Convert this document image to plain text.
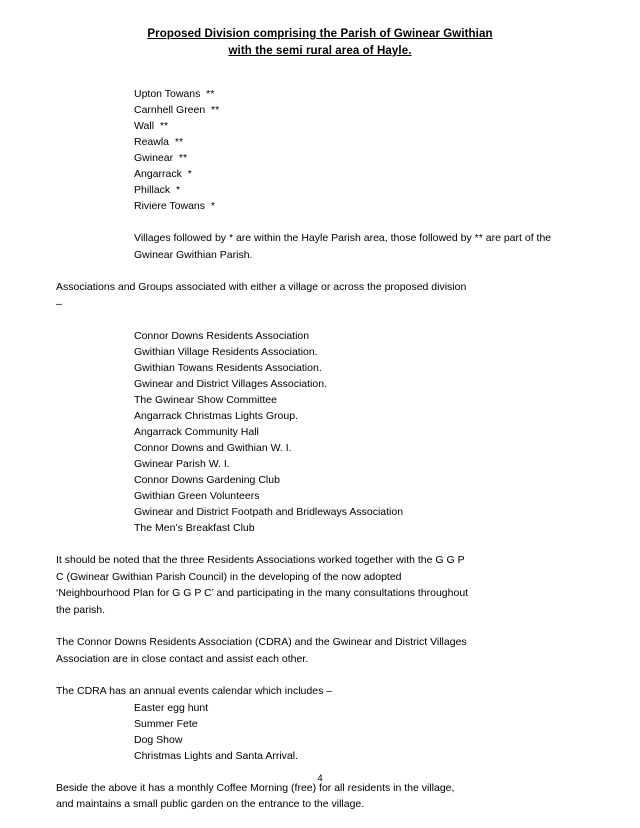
Proposed Division comprising the Parish of Gwinear Gwithian
with the semi rural area of Hayle.
Upton Towans  **
Carnhell Green  **
Wall  **
Reawla  **
Gwinear  **
Angarrack  *
Phillack  *
Riviere Towans  *
Villages followed by * are within the Hayle Parish area, those followed by ** are part of the Gwinear Gwithian Parish.
Associations and Groups associated with either a village or across the proposed division –
Connor Downs Residents Association
Gwithian Village Residents Association.
Gwithian Towans Residents Association.
Gwinear and District Villages Association.
The Gwinear Show Committee
Angarrack Christmas Lights Group.
Angarrack Community Hall
Connor Downs and Gwithian W. I.
Gwinear Parish W. I.
Connor Downs Gardening Club
Gwithian Green Volunteers
Gwinear and District Footpath and Bridleways Association
The Men’s Breakfast Club
It should be noted that the three Residents Associations worked together with the G G P C (Gwinear Gwithian Parish Council) in the developing of the now adopted ‘Neighbourhood Plan for G G P C’ and participating in the many consultations throughout the parish.
The Connor Downs Residents Association (CDRA) and the Gwinear and District Villages Association are in close contact and assist each other.
The CDRA has an annual events calendar which includes –
Easter egg hunt
Summer Fete
Dog Show
Christmas Lights and Santa Arrival.
Beside the above it has a monthly Coffee Morning (free) for all residents in the village, and maintains a small public garden on the entrance to the village.
4
